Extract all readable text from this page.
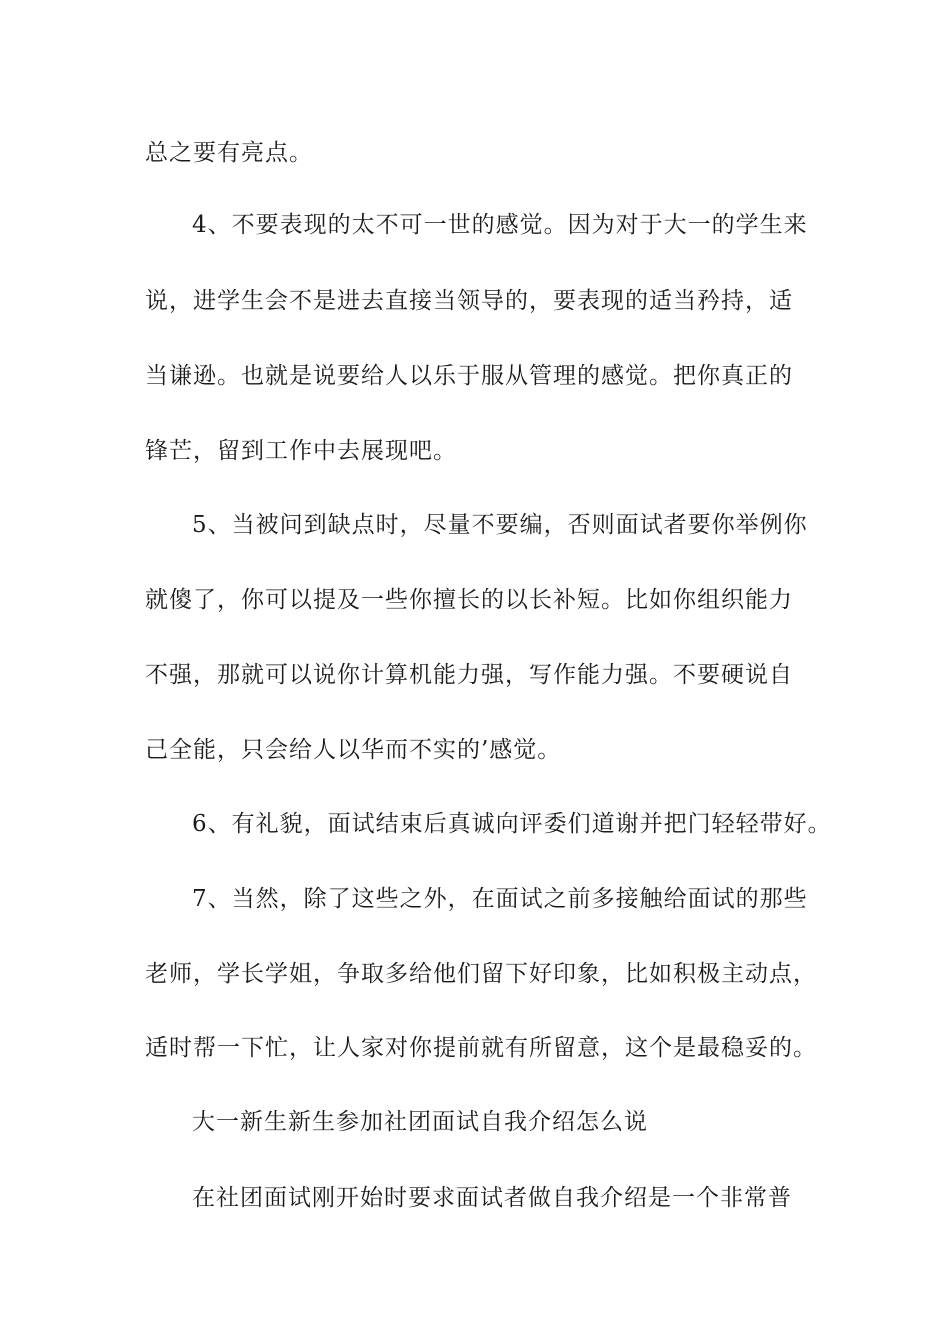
总之要有亮点。
4、不要表现的太不可一世的感觉。因为对于大一的学生来
说，进学生会不是进去直接当领导的，要表现的适当矜持，适
当谦逊。也就是说要给人以乐于服从管理的感觉。把你真正的
锋芒，留到工作中去展现吧。
5、当被问到缺点时，尽量不要编，否则面试者要你举例你
就傻了，你可以提及一些你擅长的以长补短。比如你组织能力
不强，那就可以说你计算机能力强，写作能力强。不要硬说自
己全能，只会给人以华而不实的’感觉。
6、有礼貌，面试结束后真诚向评委们道谢并把门轻轻带好。
7、当然，除了这些之外，在面试之前多接触给面试的那些
老师，学长学姐，争取多给他们留下好印象，比如积极主动点，
适时帮一下忙，让人家对你提前就有所留意，这个是最稳妥的。
大一新生新生参加社团面试自我介绍怎么说
在社团面试刚开始时要求面试者做自我介绍是一个非常普
